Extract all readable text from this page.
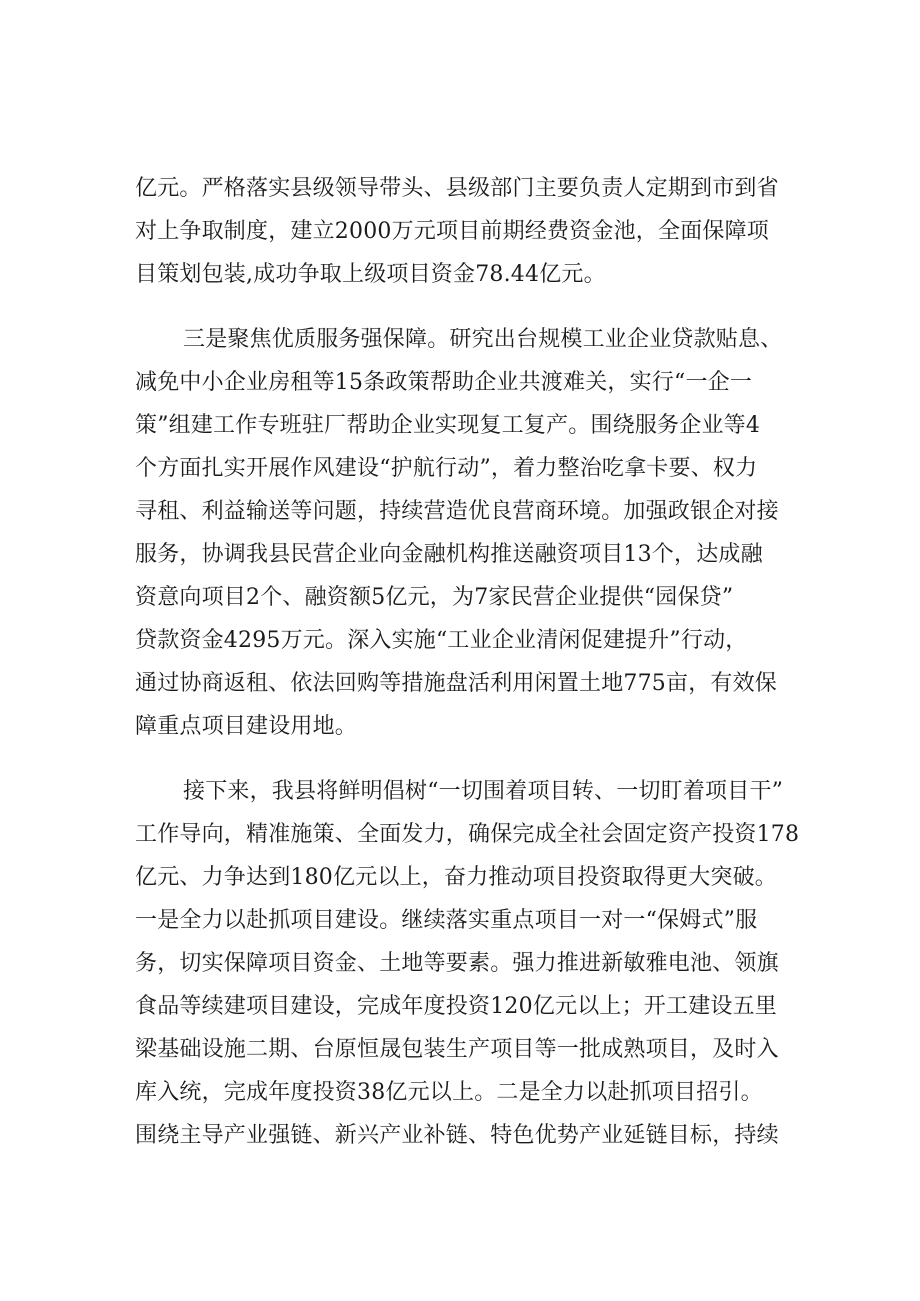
亿元。严格落实县级领导带头、县级部门主要负责人定期到市到省
对上争取制度，建立2000万元项目前期经费资金池，全面保障项
目策划包装,成功争取上级项目资金78.44亿元。
三是聚焦优质服务强保障。研究出台规模工业企业贷款贴息、
减免中小企业房租等15条政策帮助企业共渡难关，实行“一企一
策”组建工作专班驻厂帮助企业实现复工复产。围绕服务企业等4
个方面扎实开展作风建设“护航行动”，着力整治吃拿卡要、权力
寻租、利益输送等问题，持续营造优良营商环境。加强政银企对接
服务，协调我县民营企业向金融机构推送融资项目13个，达成融
资意向项目2个、融资额5亿元，为7家民营企业提供“园保贷”
贷款资金4295万元。深入实施“工业企业清闲促建提升”行动，
通过协商返租、依法回购等措施盘活利用闲置土地775亩，有效保
障重点项目建设用地。
接下来，我县将鲜明倡树“一切围着项目转、一切盯着项目干”
工作导向，精准施策、全面发力，确保完成全社会固定资产投资178
亿元、力争达到180亿元以上，奋力推动项目投资取得更大突破。
一是全力以赴抓项目建设。继续落实重点项目一对一“保姆式”服
务，切实保障项目资金、土地等要素。强力推进新敏雅电池、领旗
食品等续建项目建设，完成年度投资120亿元以上；开工建设五里
梁基础设施二期、台原恒晟包装生产项目等一批成熟项目，及时入
库入统，完成年度投资38亿元以上。二是全力以赴抓项目招引。
围绕主导产业强链、新兴产业补链、特色优势产业延链目标，持续
